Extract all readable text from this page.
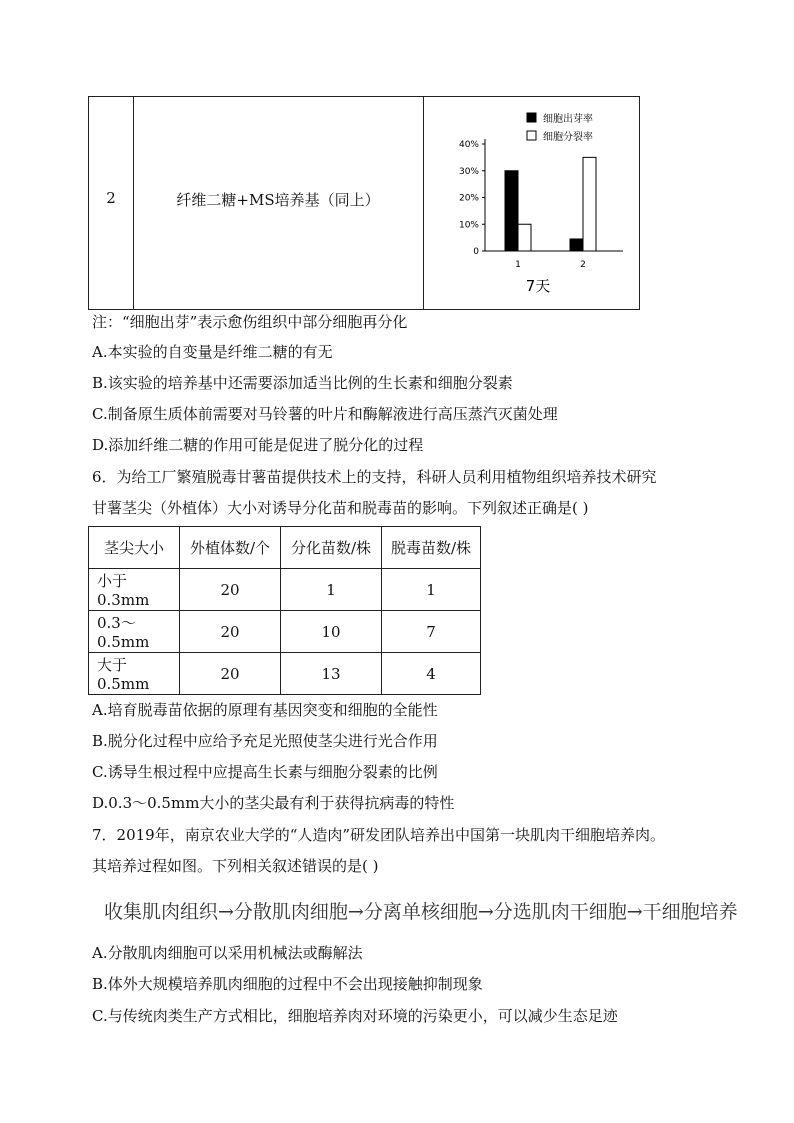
2	纤维二糖+MS培养基（同上）
细胞出芽率
细胞分裂率
40%
30%
20%
10%
0
1	2
7天
注：“细胞出芽”表示愈伤组织中部分细胞再分化
A.本实验的自变量是纤维二糖的有无
B.该实验的培养基中还需要添加适当比例的生长素和细胞分裂素
C.制备原生质体前需要对马铃薯的叶片和酶解液进行高压蒸汽灭菌处理
D.添加纤维二糖的作用可能是促进了脱分化的过程
6．为给工厂繁殖脱毒甘薯苗提供技术上的支持，科研人员利用植物组织培养技术研究
甘薯茎尖（外植体）大小对诱导分化苗和脱毒苗的影响。下列叙述正确是( )
茎尖大小	外植体数/个	分化苗数/株	脱毒苗数/株
小于0.3mm	20	1	1
0.3～0.5mm	20	10	7
大于0.5mm	20	13	4
A.培育脱毒苗依据的原理有基因突变和细胞的全能性
B.脱分化过程中应给予充足光照使茎尖进行光合作用
C.诱导生根过程中应提高生长素与细胞分裂素的比例
D.0.3～0.5mm大小的茎尖最有利于获得抗病毒的特性
7．2019年，南京农业大学的“人造肉”研发团队培养出中国第一块肌肉干细胞培养肉。
其培养过程如图。下列相关叙述错误的是( )
收集肌肉组织→分散肌肉细胞→分离单核细胞→分选肌肉干细胞→干细胞培养
A.分散肌肉细胞可以采用机械法或酶解法
B.体外大规模培养肌肉细胞的过程中不会出现接触抑制现象
C.与传统肉类生产方式相比，细胞培养肉对环境的污染更小，可以减少生态足迹
